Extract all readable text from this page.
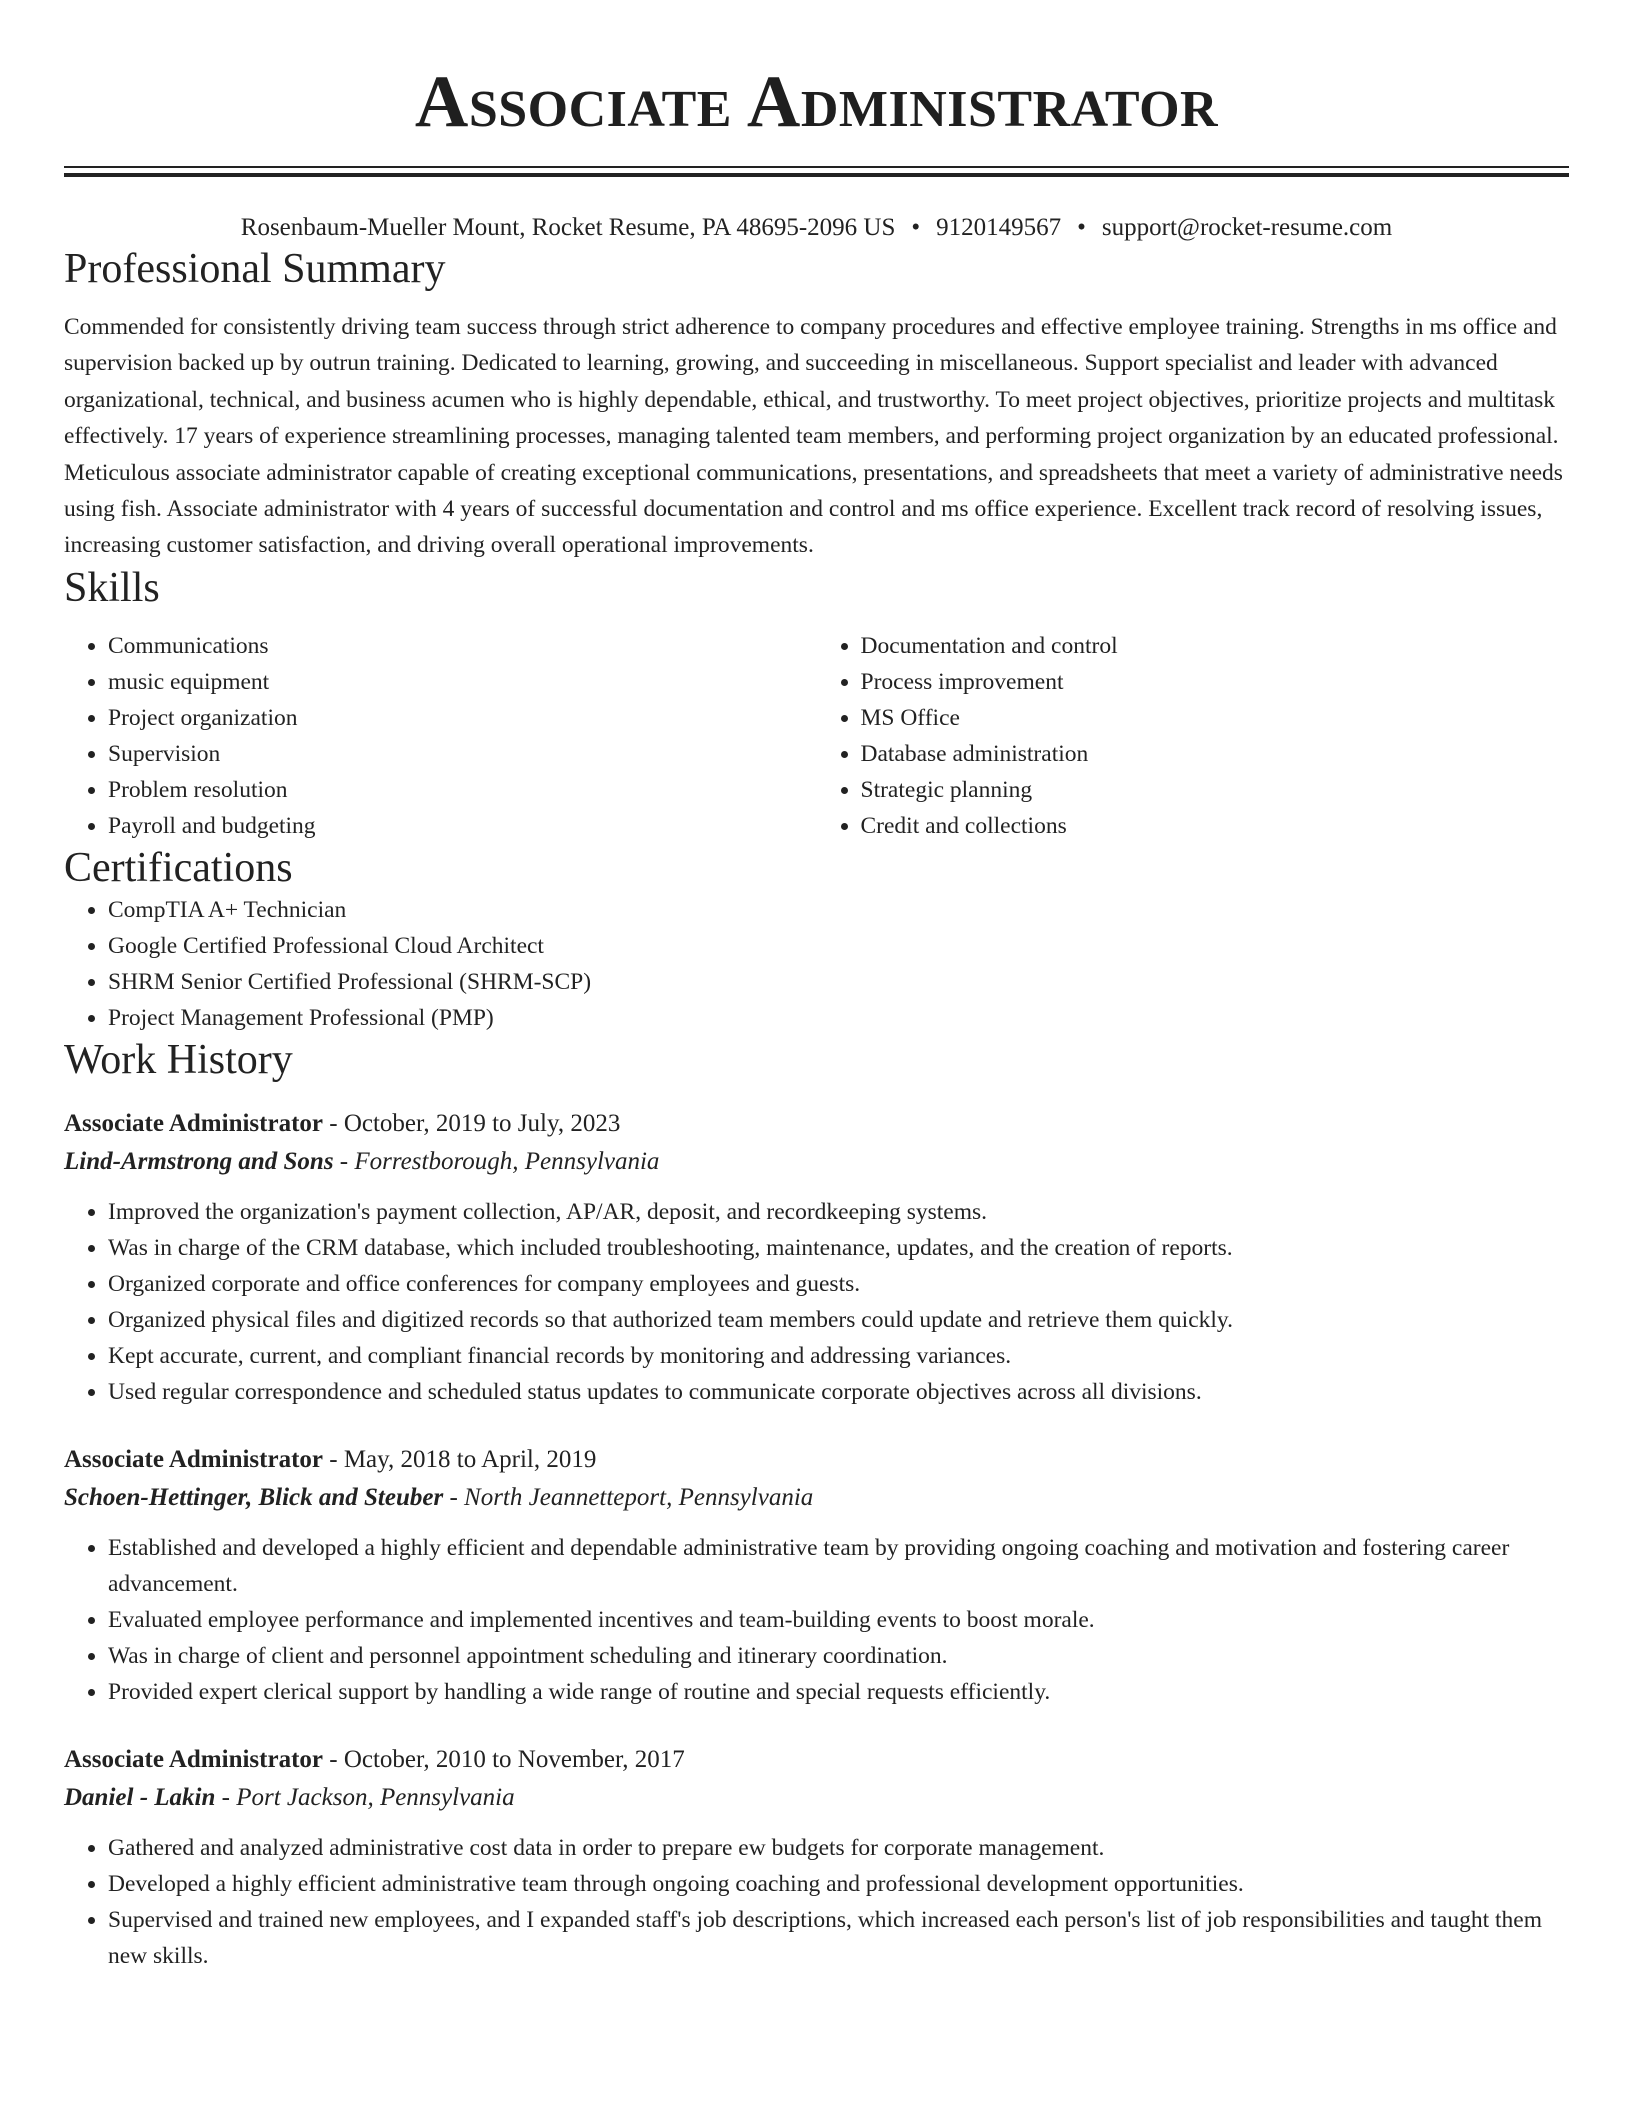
Associate Administrator
Rosenbaum-Mueller Mount, Rocket Resume, PA 48695-2096 US • 9120149567 • support@rocket-resume.com
Professional Summary

Commended for consistently driving team success through strict adherence to company procedures and effective employee training. Strengths in ms office and supervision backed up by outrun training. Dedicated to learning, growing, and succeeding in miscellaneous. Support specialist and leader with advanced organizational, technical, and business acumen who is highly dependable, ethical, and trustworthy. To meet project objectives, prioritize projects and multitask effectively. 17 years of experience streamlining processes, managing talented team members, and performing project organization by an educated professional. Meticulous associate administrator capable of creating exceptional communications, presentations, and spreadsheets that meet a variety of administrative needs using fish. Associate administrator with 4 years of successful documentation and control and ms office experience. Excellent track record of resolving issues, increasing customer satisfaction, and driving overall operational improvements.

Skills
• Communications
• music equipment
• Project organization
• Supervision
• Problem resolution
• Payroll and budgeting
• Documentation and control
• Process improvement
• MS Office
• Database administration
• Strategic planning
• Credit and collections
Certifications
• CompTIA A+ Technician
• Google Certified Professional Cloud Architect
• SHRM Senior Certified Professional (SHRM-SCP)
• Project Management Professional (PMP)
Work History
Associate Administrator - October, 2019 to July, 2023
Lind-Armstrong and Sons - Forrestborough, Pennsylvania
• Improved the organization's payment collection, AP/AR, deposit, and recordkeeping systems.
• Was in charge of the CRM database, which included troubleshooting, maintenance, updates, and the creation of reports.
• Organized corporate and office conferences for company employees and guests.
• Organized physical files and digitized records so that authorized team members could update and retrieve them quickly.
• Kept accurate, current, and compliant financial records by monitoring and addressing variances.
• Used regular correspondence and scheduled status updates to communicate corporate objectives across all divisions.
Associate Administrator - May, 2018 to April, 2019
Schoen-Hettinger, Blick and Steuber - North Jeannetteport, Pennsylvania
• Established and developed a highly efficient and dependable administrative team by providing ongoing coaching and motivation and fostering career advancement.
• Evaluated employee performance and implemented incentives and team-building events to boost morale.
• Was in charge of client and personnel appointment scheduling and itinerary coordination.
• Provided expert clerical support by handling a wide range of routine and special requests efficiently.
Associate Administrator - October, 2010 to November, 2017
Daniel - Lakin - Port Jackson, Pennsylvania
• Gathered and analyzed administrative cost data in order to prepare ew budgets for corporate management.
• Developed a highly efficient administrative team through ongoing coaching and professional development opportunities.
• Supervised and trained new employees, and I expanded staff's job descriptions, which increased each person's list of job responsibilities and taught them new skills.
